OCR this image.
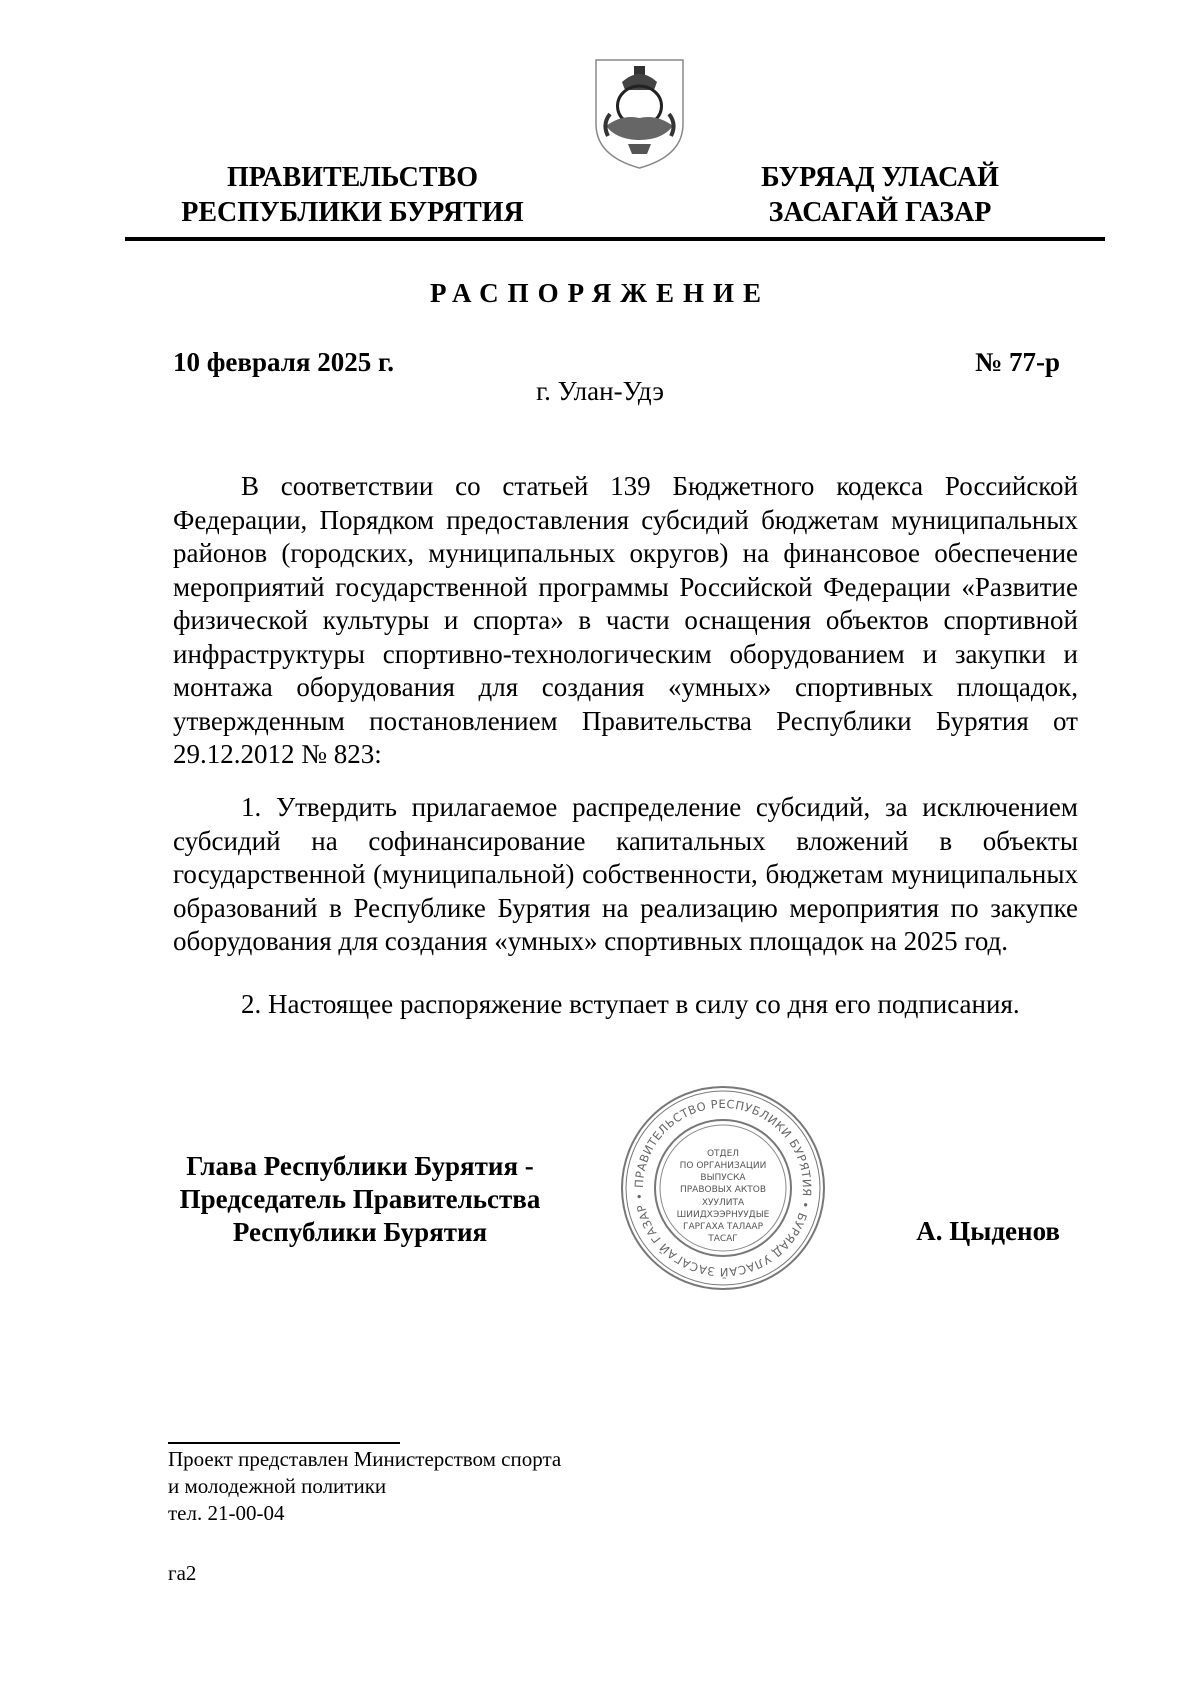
ПРАВИТЕЛЬСТВО
РЕСПУБЛИКИ БУРЯТИЯ
БУРЯАД УЛАСАЙ
ЗАСАГАЙ ГАЗАР
РАСПОРЯЖЕНИЕ
10 февраля 2025 г.	№ 77-р
г. Улан-Удэ
В соответствии со статьей 139 Бюджетного кодекса Российской Федерации, Порядком предоставления субсидий бюджетам муниципальных районов (городских, муниципальных округов) на финансовое обеспечение мероприятий государственной программы Российской Федерации «Развитие физической культуры и спорта» в части оснащения объектов спортивной инфраструктуры спортивно-технологическим оборудованием и закупки и монтажа оборудования для создания «умных» спортивных площадок, утвержденным постановлением Правительства Республики Бурятия от 29.12.2012 № 823:
1. Утвердить прилагаемое распределение субсидий, за исключением субсидий на софинансирование капитальных вложений в объекты государственной (муниципальной) собственности, бюджетам муниципальных образований в Республике Бурятия на реализацию мероприятия по закупке оборудования для создания «умных» спортивных площадок на 2025 год.
2. Настоящее распоряжение вступает в силу со дня его подписания.
Глава Республики Бурятия -
Председатель Правительства
Республики Бурятия
ПРАВИТЕЛЬСТВО РЕСПУБЛИКИ БУРЯТИЯ • БУРЯАД УЛАСАЙ ЗАСАГАЙ ГАЗАР •
ОТДЕЛ
ПО ОРГАНИЗАЦИИ
ВЫПУСКА
ПРАВОВЫХ АКТОВ
ХУУЛИТА
ШИИДХЭЭРНУУДЫЕ
ГАРГАХА ТАЛААР
ТАСАГ	А. Цыденов
Проект представлен Министерством спорта
и молодежной политики
тел. 21-00-04
га2
